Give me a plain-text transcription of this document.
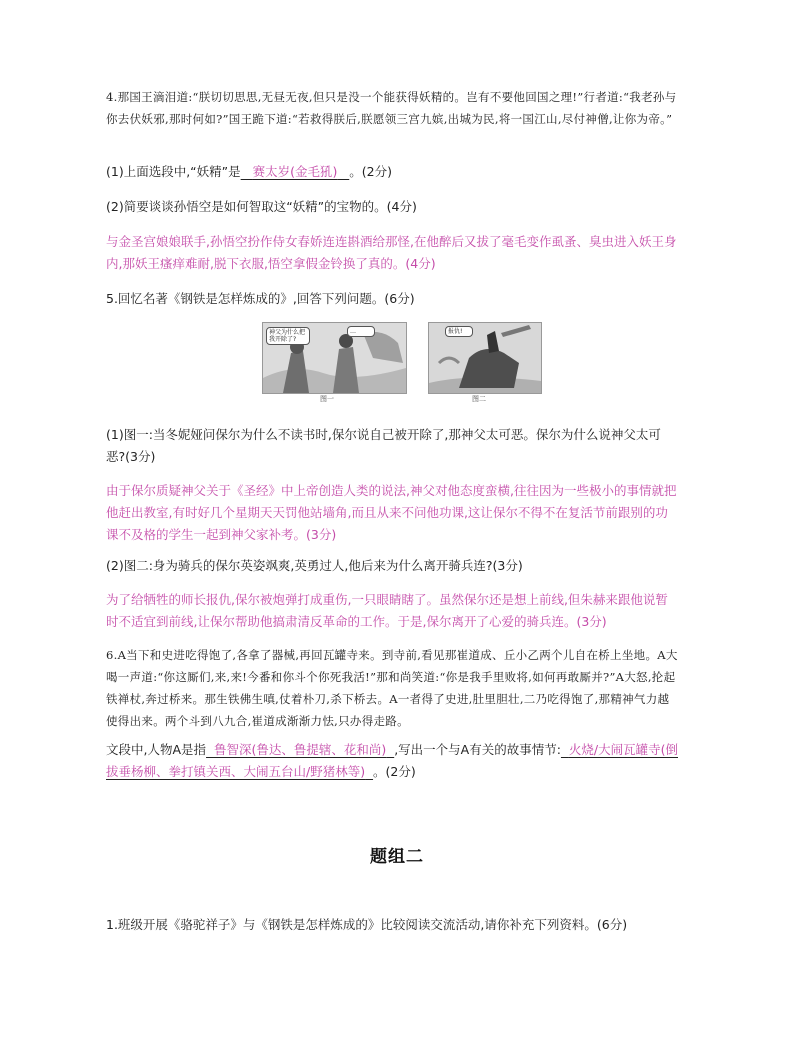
4.那国王滴泪道:“朕切切思思,无昼无夜,但只是没一个能获得妖精的。岂有不要他回国之理!”行者道:“我老孙与你去伏妖邪,那时何如?”国王跪下道:“若救得朕后,朕愿领三宫九嫔,出城为民,将一国江山,尽付神僧,让你为帝。”

(1)上面选段中,“妖精”是 赛太岁(金毛犼) 。(2分)

(2)简要谈谈孙悟空是如何智取这“妖精”的宝物的。(4分)

与金圣宫娘娘联手,孙悟空扮作侍女春娇连连斟酒给那怪,在他醉后又拔了毫毛变作虱蚤、臭虫进入妖王身内,那妖王瘙痒难耐,脱下衣服,悟空拿假金铃换了真的。(4分)

5.回忆名著《钢铁是怎样炼成的》,回答下列问题。(6分)

神父为什么把我开除了?
…	报仇!
图一	图二

(1)图一:当冬妮娅问保尔为什么不读书时,保尔说自己被开除了,那神父太可恶。保尔为什么说神父太可恶?(3分)

由于保尔质疑神父关于《圣经》中上帝创造人类的说法,神父对他态度蛮横,往往因为一些极小的事情就把他赶出教室,有时好几个星期天天罚他站墙角,而且从来不问他功课,这让保尔不得不在复活节前跟别的功课不及格的学生一起到神父家补考。(3分)

(2)图二:身为骑兵的保尔英姿飒爽,英勇过人,他后来为什么离开骑兵连?(3分)

为了给牺牲的师长报仇,保尔被炮弹打成重伤,一只眼睛瞎了。虽然保尔还是想上前线,但朱赫来跟他说暂时不适宜到前线,让保尔帮助他搞肃清反革命的工作。于是,保尔离开了心爱的骑兵连。(3分)

6.A当下和史进吃得饱了,各拿了器械,再回瓦罐寺来。到寺前,看见那崔道成、丘小乙两个儿自在桥上坐地。A大喝一声道:“你这厮们,来,来!今番和你斗个你死我活!”那和尚笑道:“你是我手里败将,如何再敢厮并?”A大怒,抡起铁禅杖,奔过桥来。那生铁佛生嗔,仗着朴刀,杀下桥去。A一者得了史进,肚里胆壮,二乃吃得饱了,那精神气力越使得出来。两个斗到八九合,崔道成渐渐力怯,只办得走路。

文段中,人物A是指 鲁智深(鲁达、鲁提辖、花和尚) ,写出一个与A有关的故事情节: 火烧/大闹瓦罐寺(倒拔垂杨柳、拳打镇关西、大闹五台山/野猪林等) 。(2分)

题组二

1.班级开展《骆驼祥子》与《钢铁是怎样炼成的》比较阅读交流活动,请你补充下列资料。(6分)
